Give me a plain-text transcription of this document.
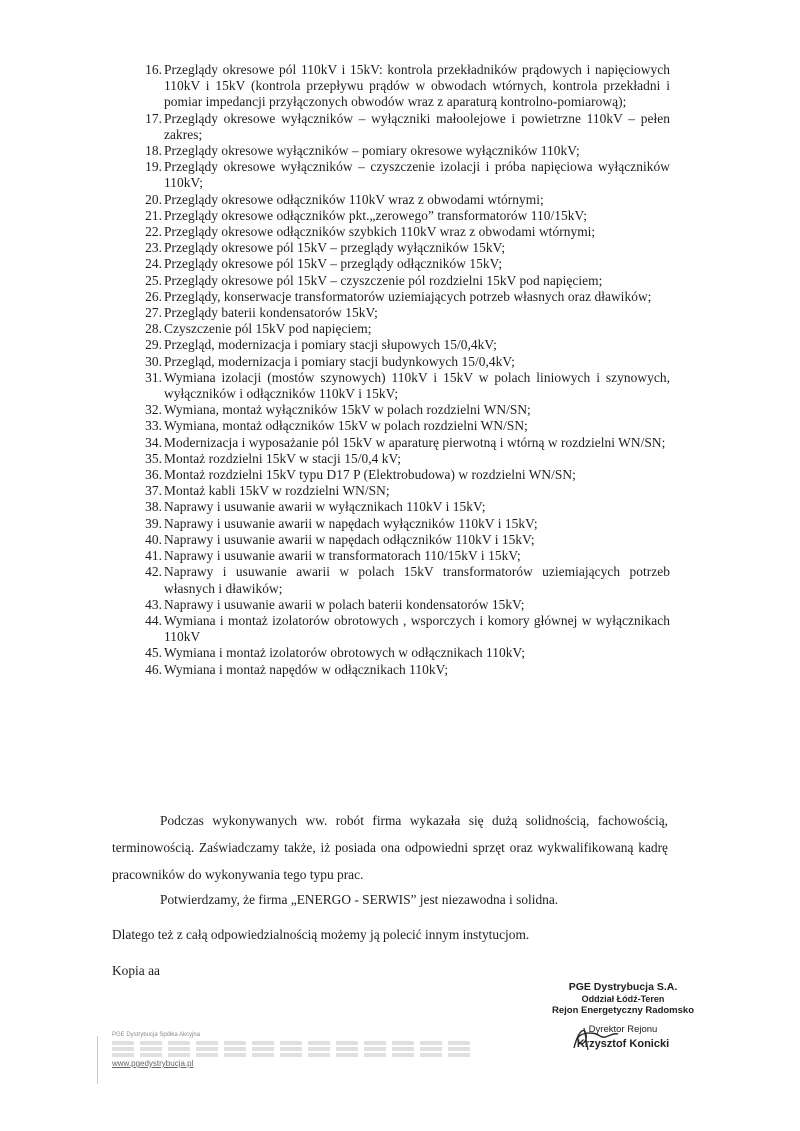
16. Przeglądy okresowe pól 110kV i 15kV: kontrola przekładników prądowych i napięciowych 110kV i 15kV (kontrola przepływu prądów w obwodach wtórnych, kontrola przekładni i pomiar impedancji przyłączonych obwodów wraz z aparaturą kontrolno-pomiarową);
17. Przeglądy okresowe wyłączników – wyłączniki małoolejowe i powietrzne 110kV – pełen zakres;
18. Przeglądy okresowe wyłączników – pomiary okresowe wyłączników 110kV;
19. Przeglądy okresowe wyłączników – czyszczenie izolacji i próba napięciowa wyłączników 110kV;
20. Przeglądy okresowe odłączników 110kV wraz z obwodami wtórnymi;
21. Przeglądy okresowe odłączników pkt.„zerowego” transformatorów 110/15kV;
22. Przeglądy okresowe odłączników szybkich 110kV wraz z obwodami wtórnymi;
23. Przeglądy okresowe pól 15kV – przeglądy wyłączników 15kV;
24. Przeglądy okresowe pól 15kV – przeglądy odłączników 15kV;
25. Przeglądy okresowe pól 15kV – czyszczenie pól rozdzielni 15kV pod napięciem;
26. Przeglądy, konserwacje transformatorów uziemiających potrzeb własnych oraz dławików;
27. Przeglądy baterii kondensatorów 15kV;
28. Czyszczenie pól 15kV pod napięciem;
29. Przegląd, modernizacja i pomiary stacji słupowych 15/0,4kV;
30. Przegląd, modernizacja i pomiary stacji budynkowych 15/0,4kV;
31. Wymiana izolacji (mostów szynowych) 110kV i 15kV w polach liniowych i szynowych, wyłączników i odłączników 110kV i 15kV;
32. Wymiana, montaż wyłączników 15kV w polach rozdzielni WN/SN;
33. Wymiana, montaż odłączników 15kV w polach rozdzielni WN/SN;
34. Modernizacja i wyposażanie pól 15kV w aparaturę pierwotną i wtórną w rozdzielni WN/SN;
35. Montaż rozdzielni 15kV w stacji 15/0,4 kV;
36. Montaż rozdzielni 15kV typu D17 P (Elektrobudowa) w rozdzielni WN/SN;
37. Montaż kabli 15kV w rozdzielni WN/SN;
38. Naprawy i usuwanie awarii w wyłącznikach 110kV i 15kV;
39. Naprawy i usuwanie awarii w napędach wyłączników 110kV i 15kV;
40. Naprawy i usuwanie awarii w napędach odłączników 110kV i 15kV;
41. Naprawy i usuwanie awarii w transformatorach 110/15kV i 15kV;
42. Naprawy i usuwanie awarii w polach 15kV transformatorów uziemiających potrzeb własnych i dławików;
43. Naprawy i usuwanie awarii w polach baterii kondensatorów 15kV;
44. Wymiana i montaż izolatorów obrotowych , wsporczych i komory głównej w wyłącznikach 110kV
45. Wymiana i montaż izolatorów obrotowych w odłącznikach 110kV;
46. Wymiana i montaż napędów w odłącznikach 110kV;

Podczas wykonywanych ww. robót firma wykazała się dużą solidnością, fachowością, terminowością. Zaświadczamy także, iż posiada ona odpowiedni sprzęt oraz wykwalifikowaną kadrę pracowników do wykonywania tego typu prac.

Potwierdzamy, że firma „ENERGO - SERWIS” jest niezawodna i solidna.

Dlatego też z całą odpowiedzialnością możemy ją polecić innym instytucjom.

Kopia aa

PGE Dystrybucja S.A.
Oddział Łódź-Teren
Rejon Energetyczny Radomsko
Dyrektor Rejonu
Krzysztof Konicki
PGE Dystrybucja Spółka Akcyjna
www.pgedystrybucja.pl
